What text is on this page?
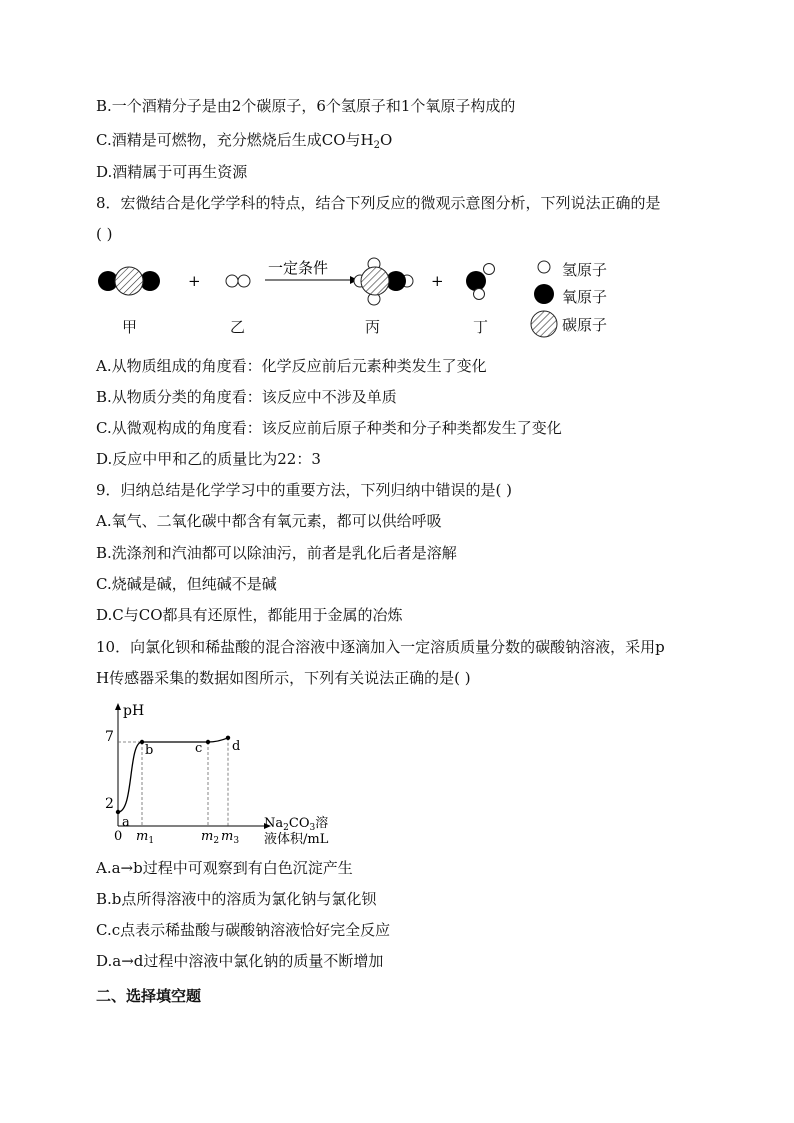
B.一个酒精分子是由2个碳原子，6个氢原子和1个氧原子构成的
C.酒精是可燃物，充分燃烧后生成CO与$H_2O$
D.酒精属于可再生资源
8．宏微结合是化学学科的特点，结合下列反应的微观示意图分析，下列说法正确的是
( )
+
一定条件
+
氢原子
氧原子
碳原子
甲	乙	丙	丁
A.从物质组成的角度看：化学反应前后元素种类发生了变化
B.从物质分类的角度看：该反应中不涉及单质
C.从微观构成的角度看：该反应前后原子种类和分子种类都发生了变化
D.反应中甲和乙的质量比为22：3
9．归纳总结是化学学习中的重要方法，下列归纳中错误的是( )
A.氧气、二氧化碳中都含有氧元素，都可以供给呼吸
B.洗涤剂和汽油都可以除油污，前者是乳化后者是溶解
C.烧碱是碱，但纯碱不是碱
D.C与CO都具有还原性，都能用于金属的冶炼
10．向氯化钡和稀盐酸的混合溶液中逐滴加入一定溶质质量分数的碳酸钠溶液，采用p
H传感器采集的数据如图所示，下列有关说法正确的是( )
pH
0
2
7
a
b	c d
$m_1$	$m_2$ $m_3$
$Na_2CO_3$溶
液体积/mL
A.a→b过程中可观察到有白色沉淀产生
B.b点所得溶液中的溶质为氯化钠与氯化钡
C.c点表示稀盐酸与碳酸钠溶液恰好完全反应
D.a→d过程中溶液中氯化钠的质量不断增加
二、选择填空题
